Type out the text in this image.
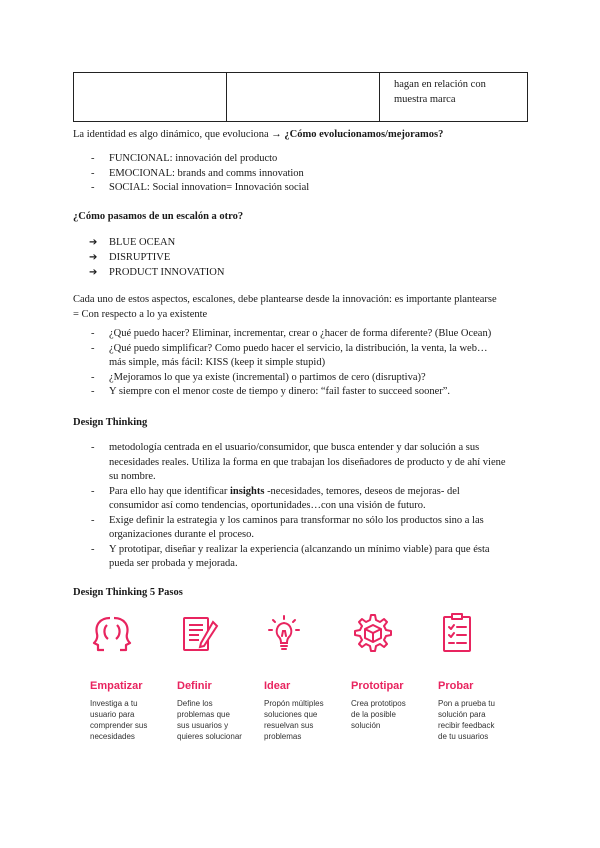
hagan en relación con
muestra marca
La identidad es algo dinámico, que evoluciona → ¿Cómo evolucionamos/mejoramos?
- FUNCIONAL: innovación del producto
- EMOCIONAL: brands and comms innovation
- SOCIAL: Social innovation= Innovación social
¿Cómo pasamos de un escalón a otro?
➔ BLUE OCEAN
➔ DISRUPTIVE
➔ PRODUCT INNOVATION
Cada uno de estos aspectos, escalones, debe plantearse desde la innovación: es importante plantearse
= Con respecto a lo ya existente
- ¿Qué puedo hacer? Eliminar, incrementar, crear o ¿hacer de forma diferente? (Blue Ocean)
- ¿Qué puedo simplificar? Como puedo hacer el servicio, la distribución, la venta, la web…
más simple, más fácil: KISS (keep it simple stupid)
- ¿Mejoramos lo que ya existe (incremental) o partimos de cero (disruptiva)?
- Y siempre con el menor coste de tiempo y dinero: “fail faster to succeed sooner”.
Design Thinking
- metodología centrada en el usuario/consumidor, que busca entender y dar solución a sus
necesidades reales. Utiliza la forma en que trabajan los diseñadores de producto y de ahí viene
su nombre.
- Para ello hay que identificar insights -necesidades, temores, deseos de mejoras- del
consumidor así como tendencias, oportunidades…con una visión de futuro.
- Exige definir la estrategia y los caminos para transformar no sólo los productos sino a las
organizaciones durante el proceso.
- Y prototipar, diseñar y realizar la experiencia (alcanzando un mínimo viable) para que ésta
pueda ser probada y mejorada.
Design Thinking 5 Pasos
Empatizar
Investiga a tu
usuario para
comprender sus
necesidades
Definir
Define los
problemas que
sus usuarios y
quieres solucionar
Idear
Propón múltiples
soluciones que
resuelvan sus
problemas
Prototipar
Crea prototipos
de la posible
solución
Probar
Pon a prueba tu
solución para
recibir feedback
de tu usuarios
